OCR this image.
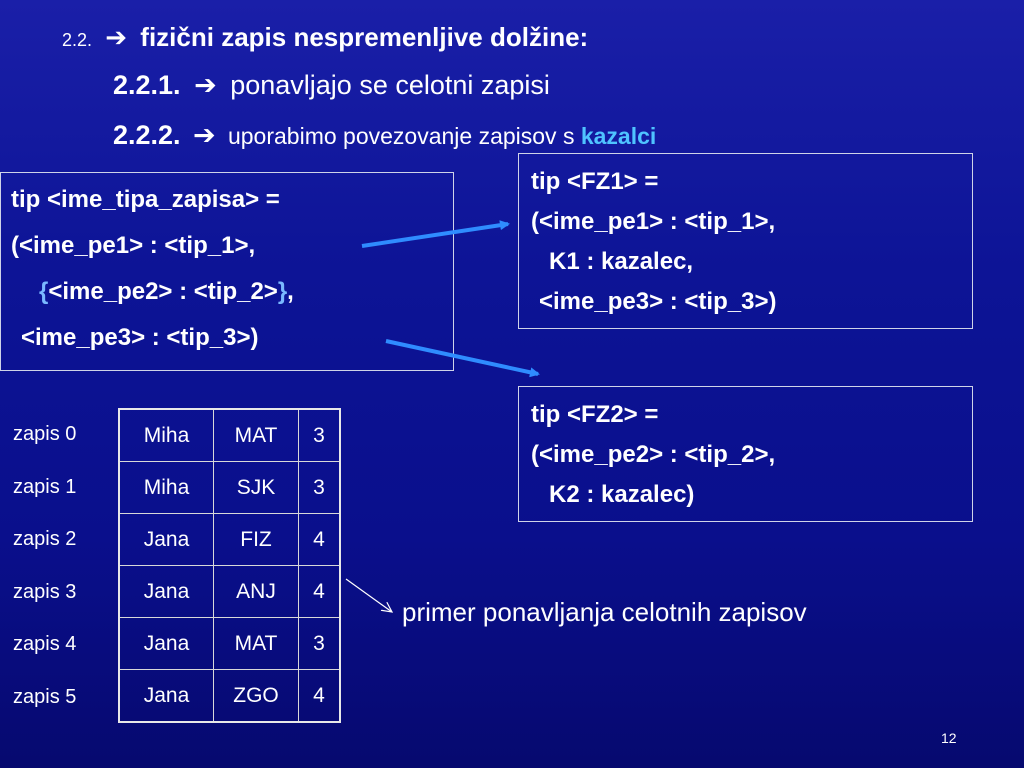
2.2. ➔ fizični zapis nespremenljive dolžine:
2.2.1. ➔ ponavljajo se celotni zapisi
2.2.2. ➔ uporabimo povezovanje zapisov s kazalci
tip <ime_tipa_zapisa> =
(<ime_pe1> : <tip_1>,
{<ime_pe2> : <tip_2>},
<ime_pe3> : <tip_3>)
tip <FZ1> =
(<ime_pe1> : <tip_1>,
K1 : kazalec,
<ime_pe3> : <tip_3>)
tip <FZ2> =
(<ime_pe2> : <tip_2>,
K2 : kazalec)
zapis 0
zapis 1
zapis 2
zapis 3
zapis 4
zapis 5
Miha	MAT	3
Miha	SJK	3
Jana	FIZ	4
Jana	ANJ	4
Jana	MAT	3
Jana	ZGO	4
primer ponavljanja celotnih zapisov
12
